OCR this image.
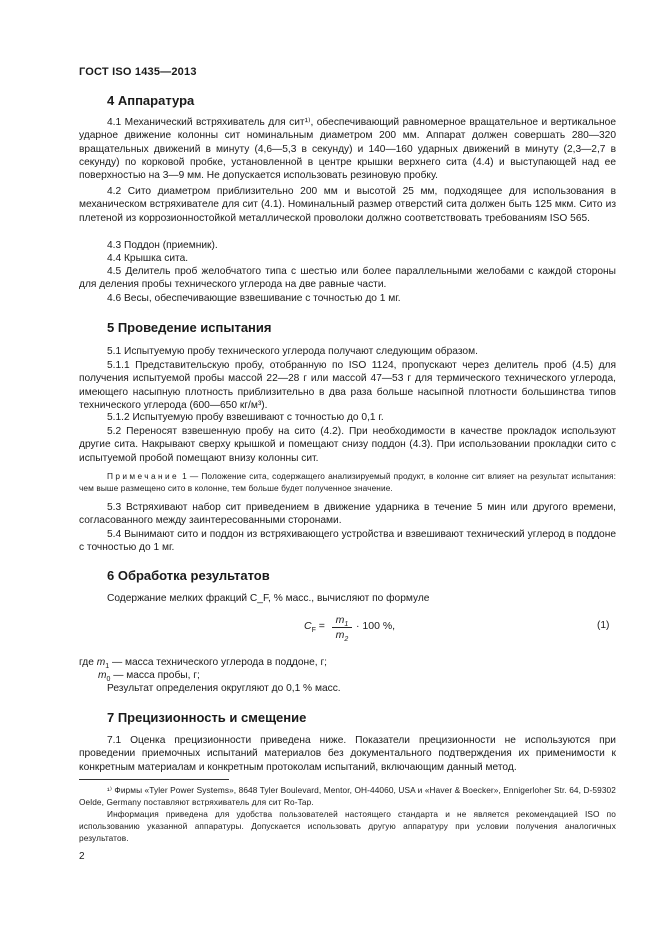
ГОСТ ISO 1435—2013
4 Аппаратура

4.1 Механический встряхиватель для сит¹⁾, обеспечивающий равномерное вращательное и вертикальное ударное движение колонны сит номинальным диаметром 200 мм. Аппарат должен совершать 280—320 вращательных движений в минуту (4,6—5,3 в секунду) и 140—160 ударных движений в минуту (2,3—2,7 в секунду) по корковой пробке, установленной в центре крышки верхнего сита (4.4) и выступающей над ее поверхностью на 3—9 мм. Не допускается использовать резиновую пробку.

4.2 Сито диаметром приблизительно 200 мм и высотой 25 мм, подходящее для использования в механическом встряхивателе для сит (4.1). Номинальный размер отверстий сита должен быть 125 мкм. Сито из плетеной из коррозионностойкой металлической проволоки должно соответствовать требованиям ISO 565.

4.3 Поддон (приемник).

4.4 Крышка сита.

4.5 Делитель проб желобчатого типа с шестью или более параллельными желобами с каждой стороны для деления пробы технического углерода на две равные части.

4.6 Весы, обеспечивающие взвешивание с точностью до 1 мг.

5 Проведение испытания

5.1 Испытуемую пробу технического углерода получают следующим образом.

5.1.1 Представительскую пробу, отобранную по ISO 1124, пропускают через делитель проб (4.5) для получения испытуемой пробы массой 22—28 г или массой 47—53 г для термического технического углерода, имеющего насыпную плотность приблизительно в два раза больше насыпной плотности большинства типов технического углерода (600—650 кг/м³).

5.1.2 Испытуемую пробу взвешивают с точностью до 0,1 г.

5.2 Переносят взвешенную пробу на сито (4.2). При необходимости в качестве прокладок используют другие сита. Накрывают сверху крышкой и помещают снизу поддон (4.3). При использовании прокладки сито с испытуемой пробой помещают внизу колонны сит.

Примечание 1 — Положение сита, содержащего анализируемый продукт, в колонне сит влияет на результат испытания: чем выше размещено сито в колонне, тем больше будет полученное значение.

5.3 Встряхивают набор сит приведением в движение ударника в течение 5 мин или другого времени, согласованного между заинтересованными сторонами.

5.4 Вынимают сито и поддон из встряхивающего устройства и взвешивают технический углерод в поддоне с точностью до 1 мг.

6 Обработка результатов

Содержание мелких фракций C_F, % масс., вычисляют по формуле

$C_F$ =	$m_1$
$m_2$
· 100 %,	(1)
где $m_1$ — масса технического углерода в поддоне, г;
$m_0$ — масса пробы, г;
Результат определения округляют до 0,1 % масс.
7 Прецизионность и смещение

7.1 Оценка прецизионности приведена ниже. Показатели прецизионности не используются при проведении приемочных испытаний материалов без документального подтверждения их применимости к конкретным материалам и конкретным протоколам испытаний, включающим данный метод.

¹⁾ Фирмы «Tyler Power Systems», 8648 Tyler Boulevard, Mentor, OH-44060, USA и «Haver & Boecker», Ennigerloher Str. 64, D-59302 Oelde, Germany поставляют встряхиватель для сит Ro-Tap.

Информация приведена для удобства пользователей настоящего стандарта и не является рекомендацией ISO по использованию указанной аппаратуры. Допускается использовать другую аппаратуру при условии получения аналогичных результатов.

2
